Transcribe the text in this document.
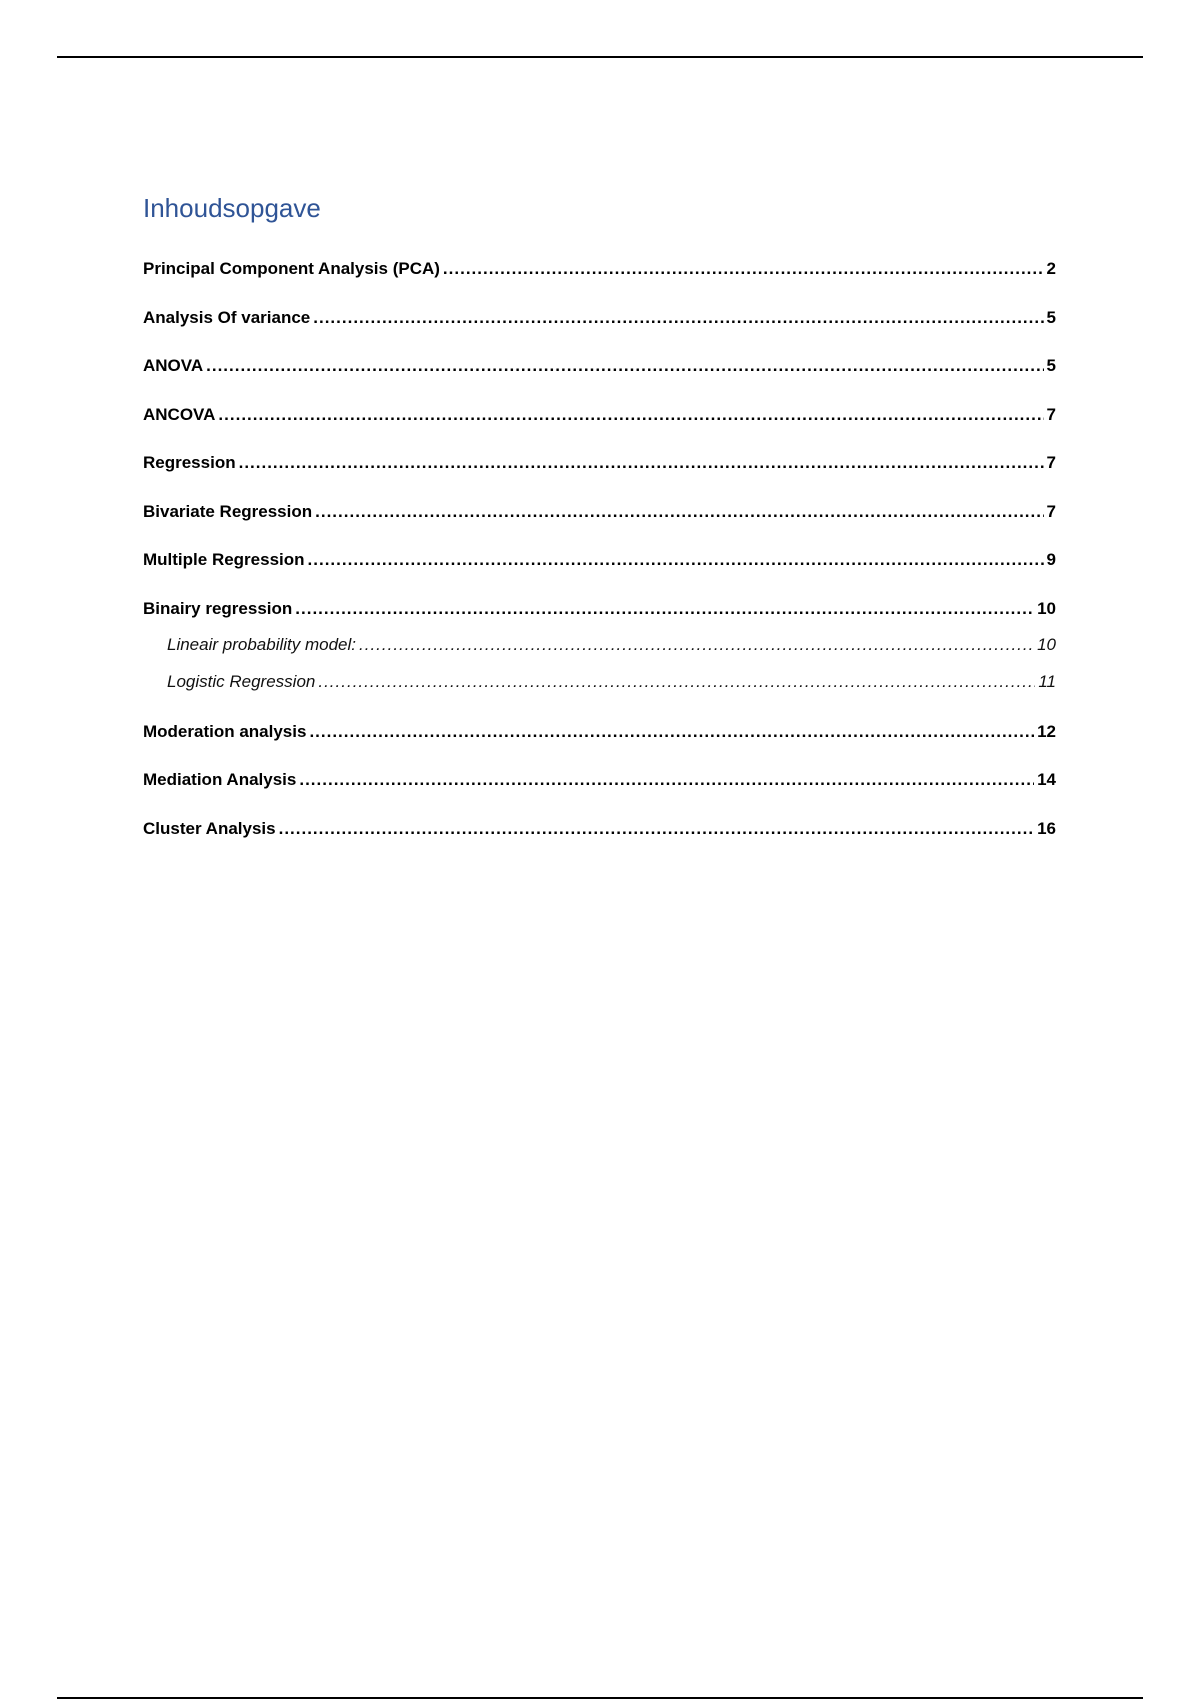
Inhoudsopgave
Principal Component Analysis (PCA) .....	2
Analysis Of variance .....	5
ANOVA .....	5
ANCOVA .....	7
Regression .....	7
Bivariate Regression .....	7
Multiple Regression .....	9
Binairy regression .....	10
Lineair probability model: .....	10
Logistic Regression .....	11
Moderation analysis .....	12
Mediation Analysis .....	14
Cluster Analysis .....	16
